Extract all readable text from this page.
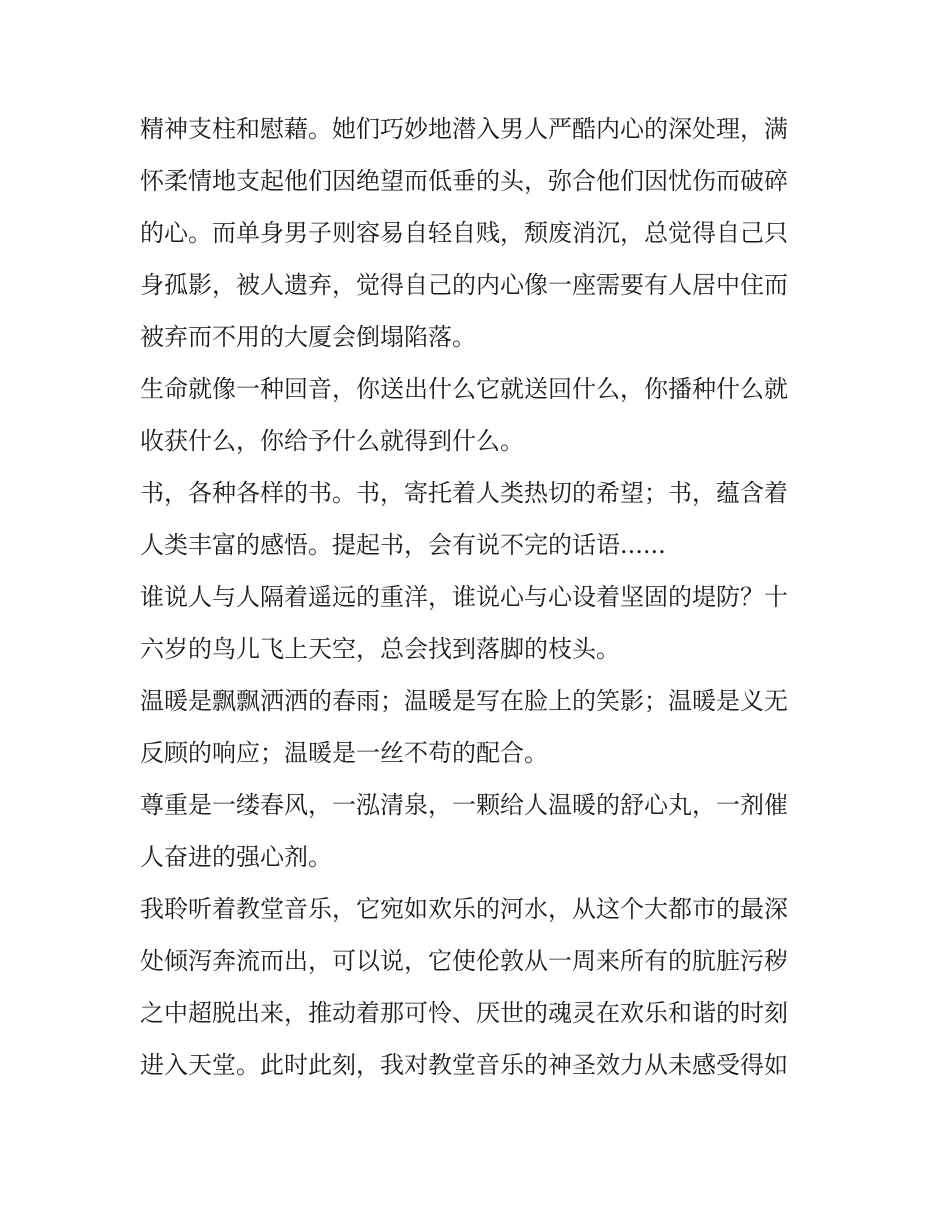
精神支柱和慰藉。她们巧妙地潜入男人严酷内心的深处理，满
怀柔情地支起他们因绝望而低垂的头，弥合他们因忧伤而破碎
的心。而单身男子则容易自轻自贱，颓废消沉，总觉得自己只
身孤影，被人遗弃，觉得自己的内心像一座需要有人居中住而
被弃而不用的大厦会倒塌陷落。

生命就像一种回音，你送出什么它就送回什么，你播种什么就
收获什么，你给予什么就得到什么。

书，各种各样的书。书，寄托着人类热切的希望；书，蕴含着
人类丰富的感悟。提起书，会有说不完的话语......

谁说人与人隔着遥远的重洋，谁说心与心设着坚固的堤防？十
六岁的鸟儿飞上天空，总会找到落脚的枝头。

温暖是飘飘洒洒的春雨；温暖是写在脸上的笑影；温暖是义无
反顾的响应；温暖是一丝不苟的配合。

尊重是一缕春风，一泓清泉，一颗给人温暖的舒心丸，一剂催
人奋进的强心剂。

我聆听着教堂音乐，它宛如欢乐的河水，从这个大都市的最深
处倾泻奔流而出，可以说，它使伦敦从一周来所有的肮脏污秽
之中超脱出来，推动着那可怜、厌世的魂灵在欢乐和谐的时刻
进入天堂。此时此刻，我对教堂音乐的神圣效力从未感受得如
